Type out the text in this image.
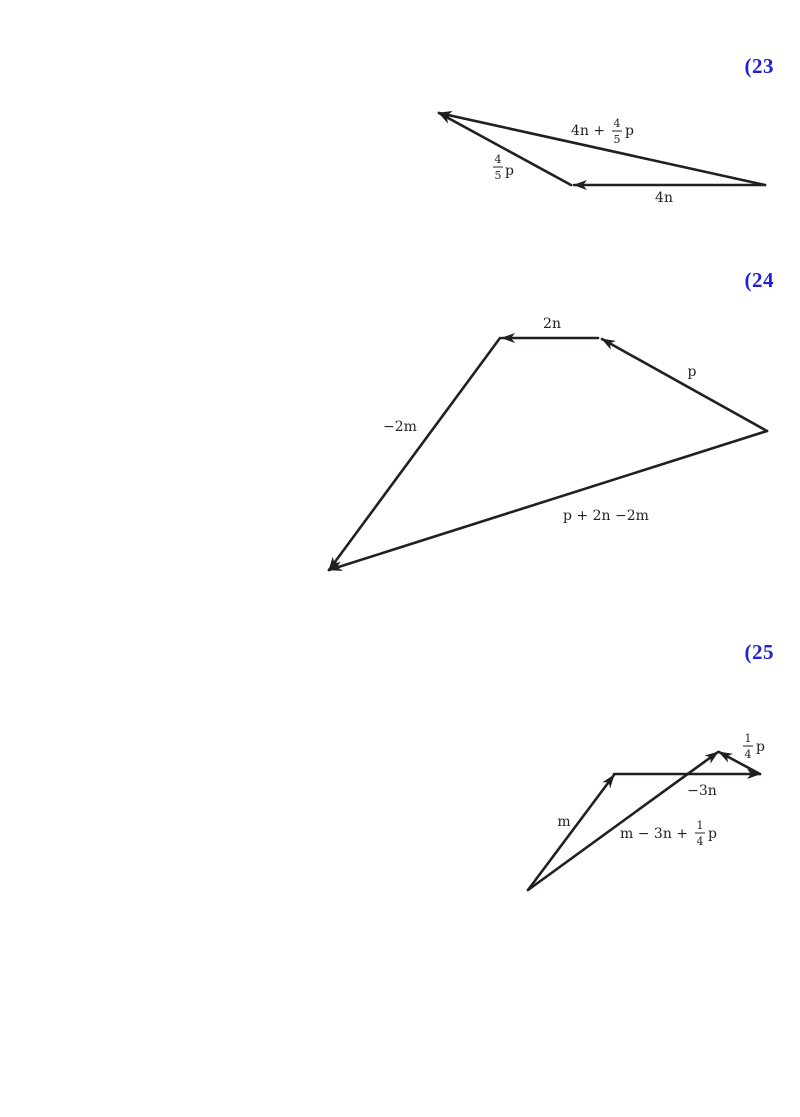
(23
(24
(25
4n + 4
5
p
4
5 p
4n
2n
p
−2m
p + 2n −2m
1
4 p
−3n
m
m − 3n +
1
4 p
